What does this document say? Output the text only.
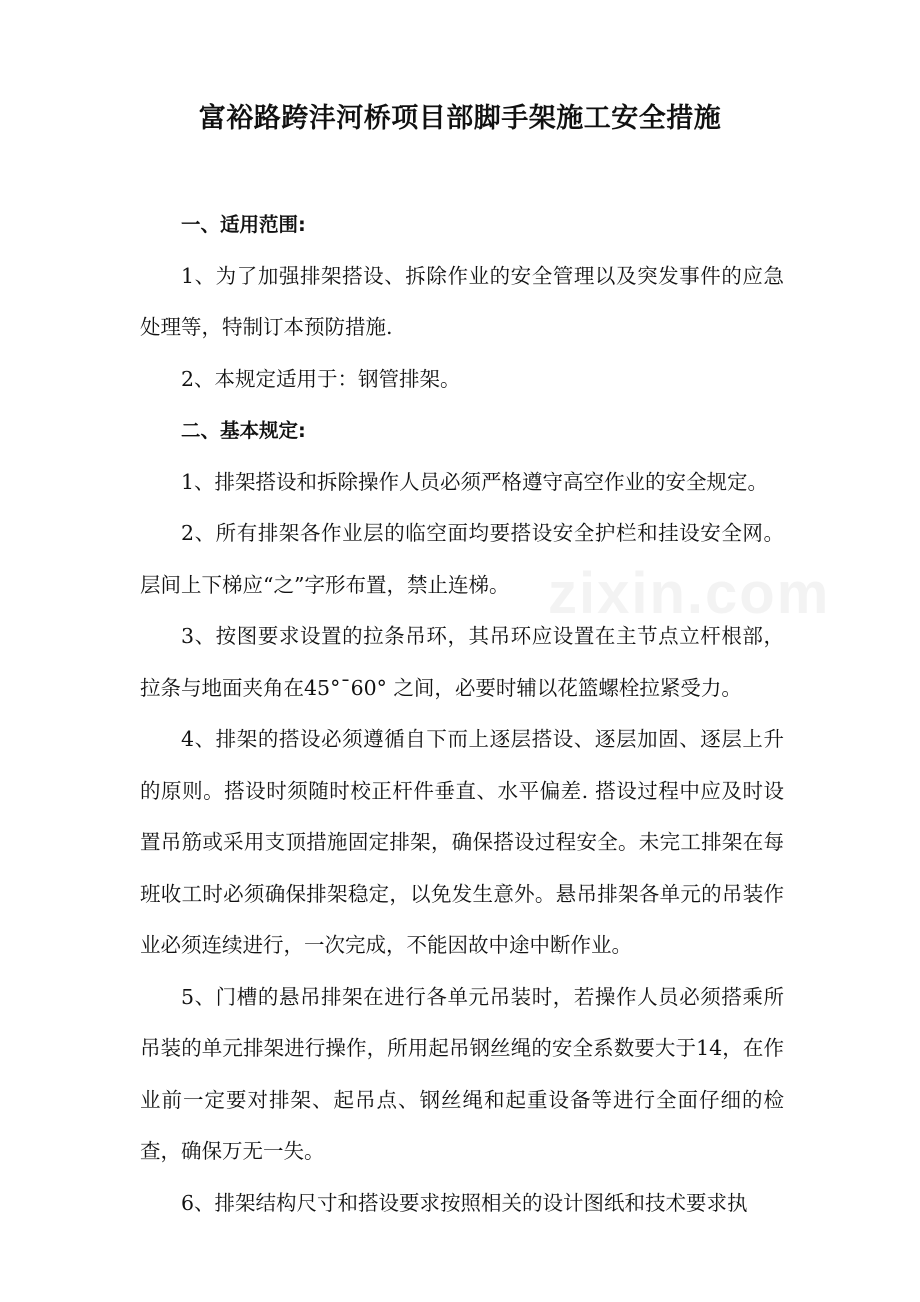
富裕路跨沣河桥项目部脚手架施工安全措施
zixin.com

一、适用范围:

1、为了加强排架搭设、拆除作业的安全管理以及突发事件的应急处理等，特制订本预防措施.

2、本规定适用于：钢管排架。

二、基本规定:

1、排架搭设和拆除操作人员必须严格遵守高空作业的安全规定。

2、所有排架各作业层的临空面均要搭设安全护栏和挂设安全网。层间上下梯应“之”字形布置，禁止连梯。

3、按图要求设置的拉条吊环，其吊环应设置在主节点立杆根部，拉条与地面夹角在45°¯60° 之间，必要时辅以花篮螺栓拉紧受力。

4、排架的搭设必须遵循自下而上逐层搭设、逐层加固、逐层上升的原则。搭设时须随时校正杆件垂直、水平偏差. 搭设过程中应及时设置吊筋或采用支顶措施固定排架，确保搭设过程安全。未完工排架在每班收工时必须确保排架稳定，以免发生意外。悬吊排架各单元的吊装作业必须连续进行，一次完成，不能因故中途中断作业。

5、门槽的悬吊排架在进行各单元吊装时，若操作人员必须搭乘所吊装的单元排架进行操作，所用起吊钢丝绳的安全系数要大于14，在作业前一定要对排架、起吊点、钢丝绳和起重设备等进行全面仔细的检查，确保万无一失。

6、排架结构尺寸和搭设要求按照相关的设计图纸和技术要求执
